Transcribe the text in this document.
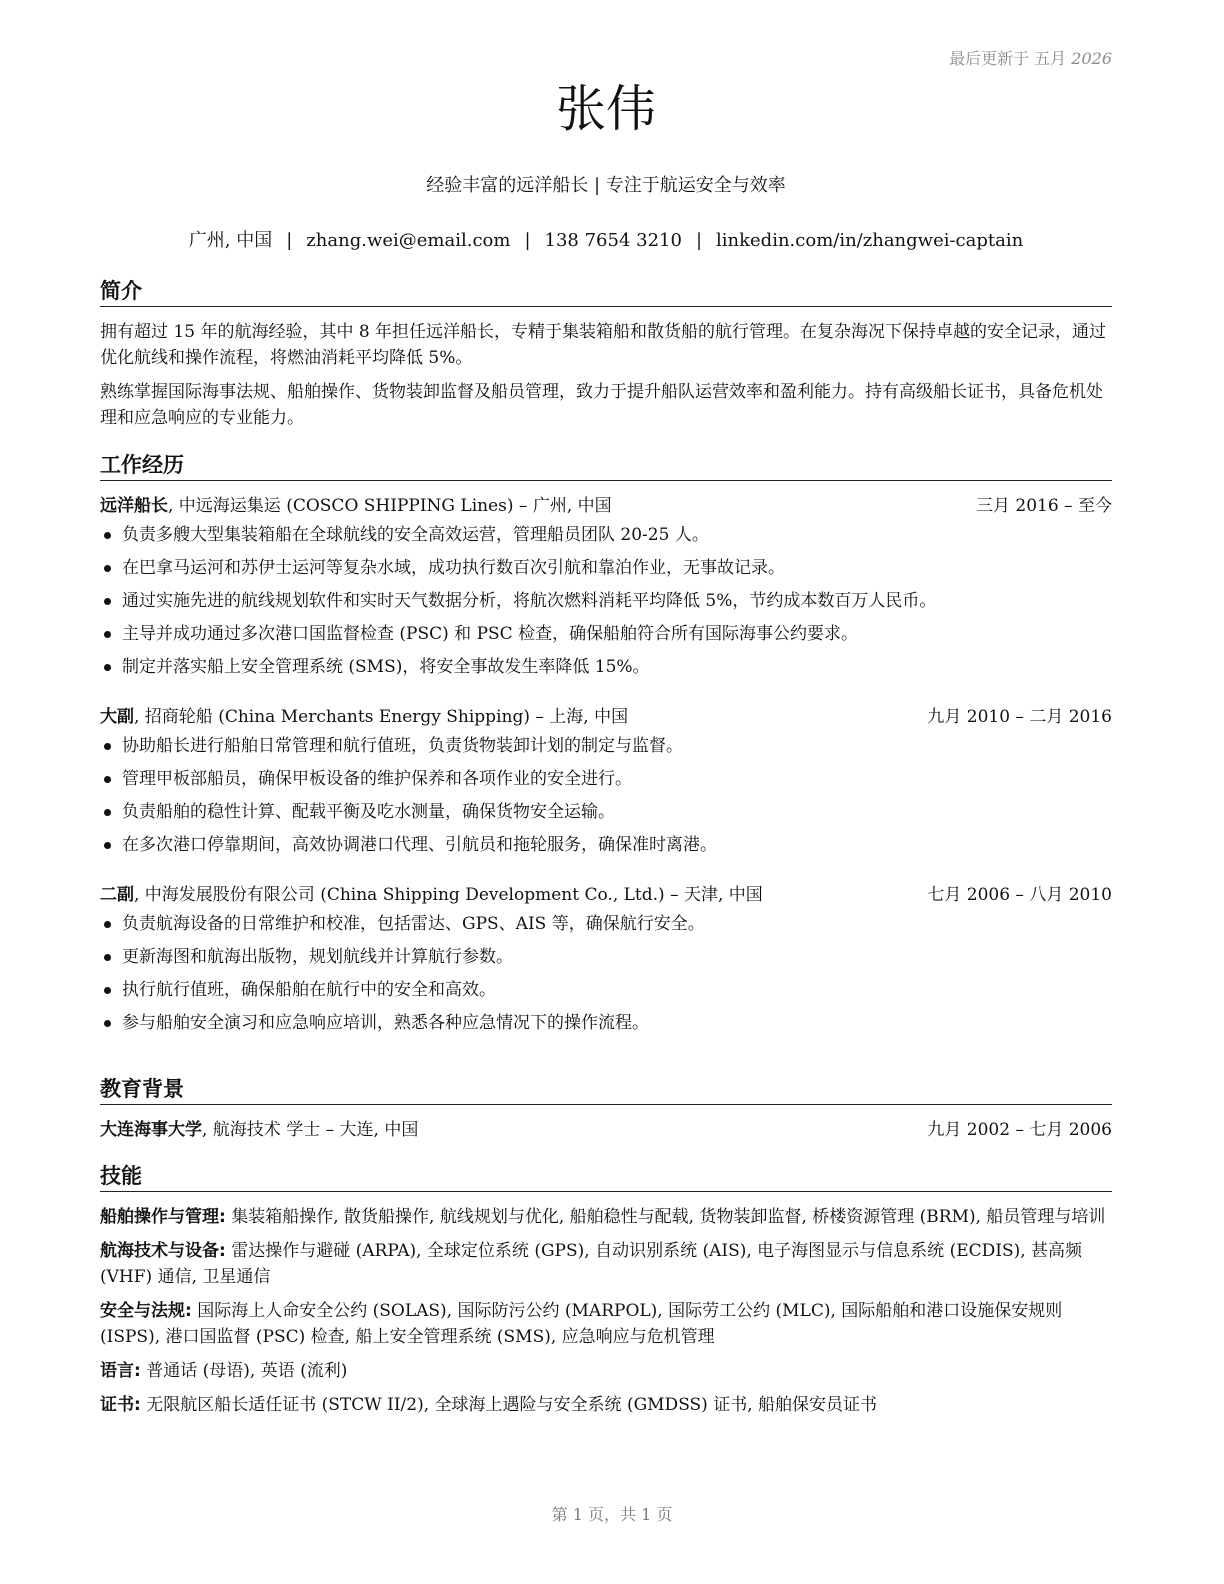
最后更新于 五月 2026
张伟
经验丰富的远洋船长 | 专注于航运安全与效率
广州, 中国 | zhang.wei@email.com | 138 7654 3210 | linkedin.com/in/zhangwei-captain
简介

拥有超过 15 年的航海经验，其中 8 年担任远洋船长，专精于集装箱船和散货船的航行管理。在复杂海况下保持卓越的安全记录，通过优化航线和操作流程，将燃油消耗平均降低 5%。

熟练掌握国际海事法规、船舶操作、货物装卸监督及船员管理，致力于提升船队运营效率和盈利能力。持有高级船长证书，具备危机处理和应急响应的专业能力。

工作经历
远洋船长, 中远海运集运 (COSCO SHIPPING Lines) – 广州, 中国	三月 2016 – 至今
负责多艘大型集装箱船在全球航线的安全高效运营，管理船员团队 20-25 人。
在巴拿马运河和苏伊士运河等复杂水域，成功执行数百次引航和靠泊作业，无事故记录。
通过实施先进的航线规划软件和实时天气数据分析，将航次燃料消耗平均降低 5%，节约成本数百万人民币。
主导并成功通过多次港口国监督检查 (PSC) 和 PSC 检查，确保船舶符合所有国际海事公约要求。
制定并落实船上安全管理系统 (SMS)，将安全事故发生率降低 15%。
大副, 招商轮船 (China Merchants Energy Shipping) – 上海, 中国	九月 2010 – 二月 2016
协助船长进行船舶日常管理和航行值班，负责货物装卸计划的制定与监督。
管理甲板部船员，确保甲板设备的维护保养和各项作业的安全进行。
负责船舶的稳性计算、配载平衡及吃水测量，确保货物安全运输。
在多次港口停靠期间，高效协调港口代理、引航员和拖轮服务，确保准时离港。
二副, 中海发展股份有限公司 (China Shipping Development Co., Ltd.) – 天津, 中国	七月 2006 – 八月 2010
负责航海设备的日常维护和校准，包括雷达、GPS、AIS 等，确保航行安全。
更新海图和航海出版物，规划航线并计算航行参数。
执行航行值班，确保船舶在航行中的安全和高效。
参与船舶安全演习和应急响应培训，熟悉各种应急情况下的操作流程。
教育背景
大连海事大学, 航海技术 学士 – 大连, 中国	九月 2002 – 七月 2006
技能

船舶操作与管理: 集装箱船操作, 散货船操作, 航线规划与优化, 船舶稳性与配载, 货物装卸监督, 桥楼资源管理 (BRM), 船员管理与培训

航海技术与设备: 雷达操作与避碰 (ARPA), 全球定位系统 (GPS), 自动识别系统 (AIS), 电子海图显示与信息系统 (ECDIS), 甚高频 (VHF) 通信, 卫星通信

安全与法规: 国际海上人命安全公约 (SOLAS), 国际防污公约 (MARPOL), 国际劳工公约 (MLC), 国际船舶和港口设施保安规则 (ISPS), 港口国监督 (PSC) 检查, 船上安全管理系统 (SMS), 应急响应与危机管理

语言: 普通话 (母语), 英语 (流利)

证书: 无限航区船长适任证书 (STCW II/2), 全球海上遇险与安全系统 (GMDSS) 证书, 船舶保安员证书

第 1 页，共 1 页
